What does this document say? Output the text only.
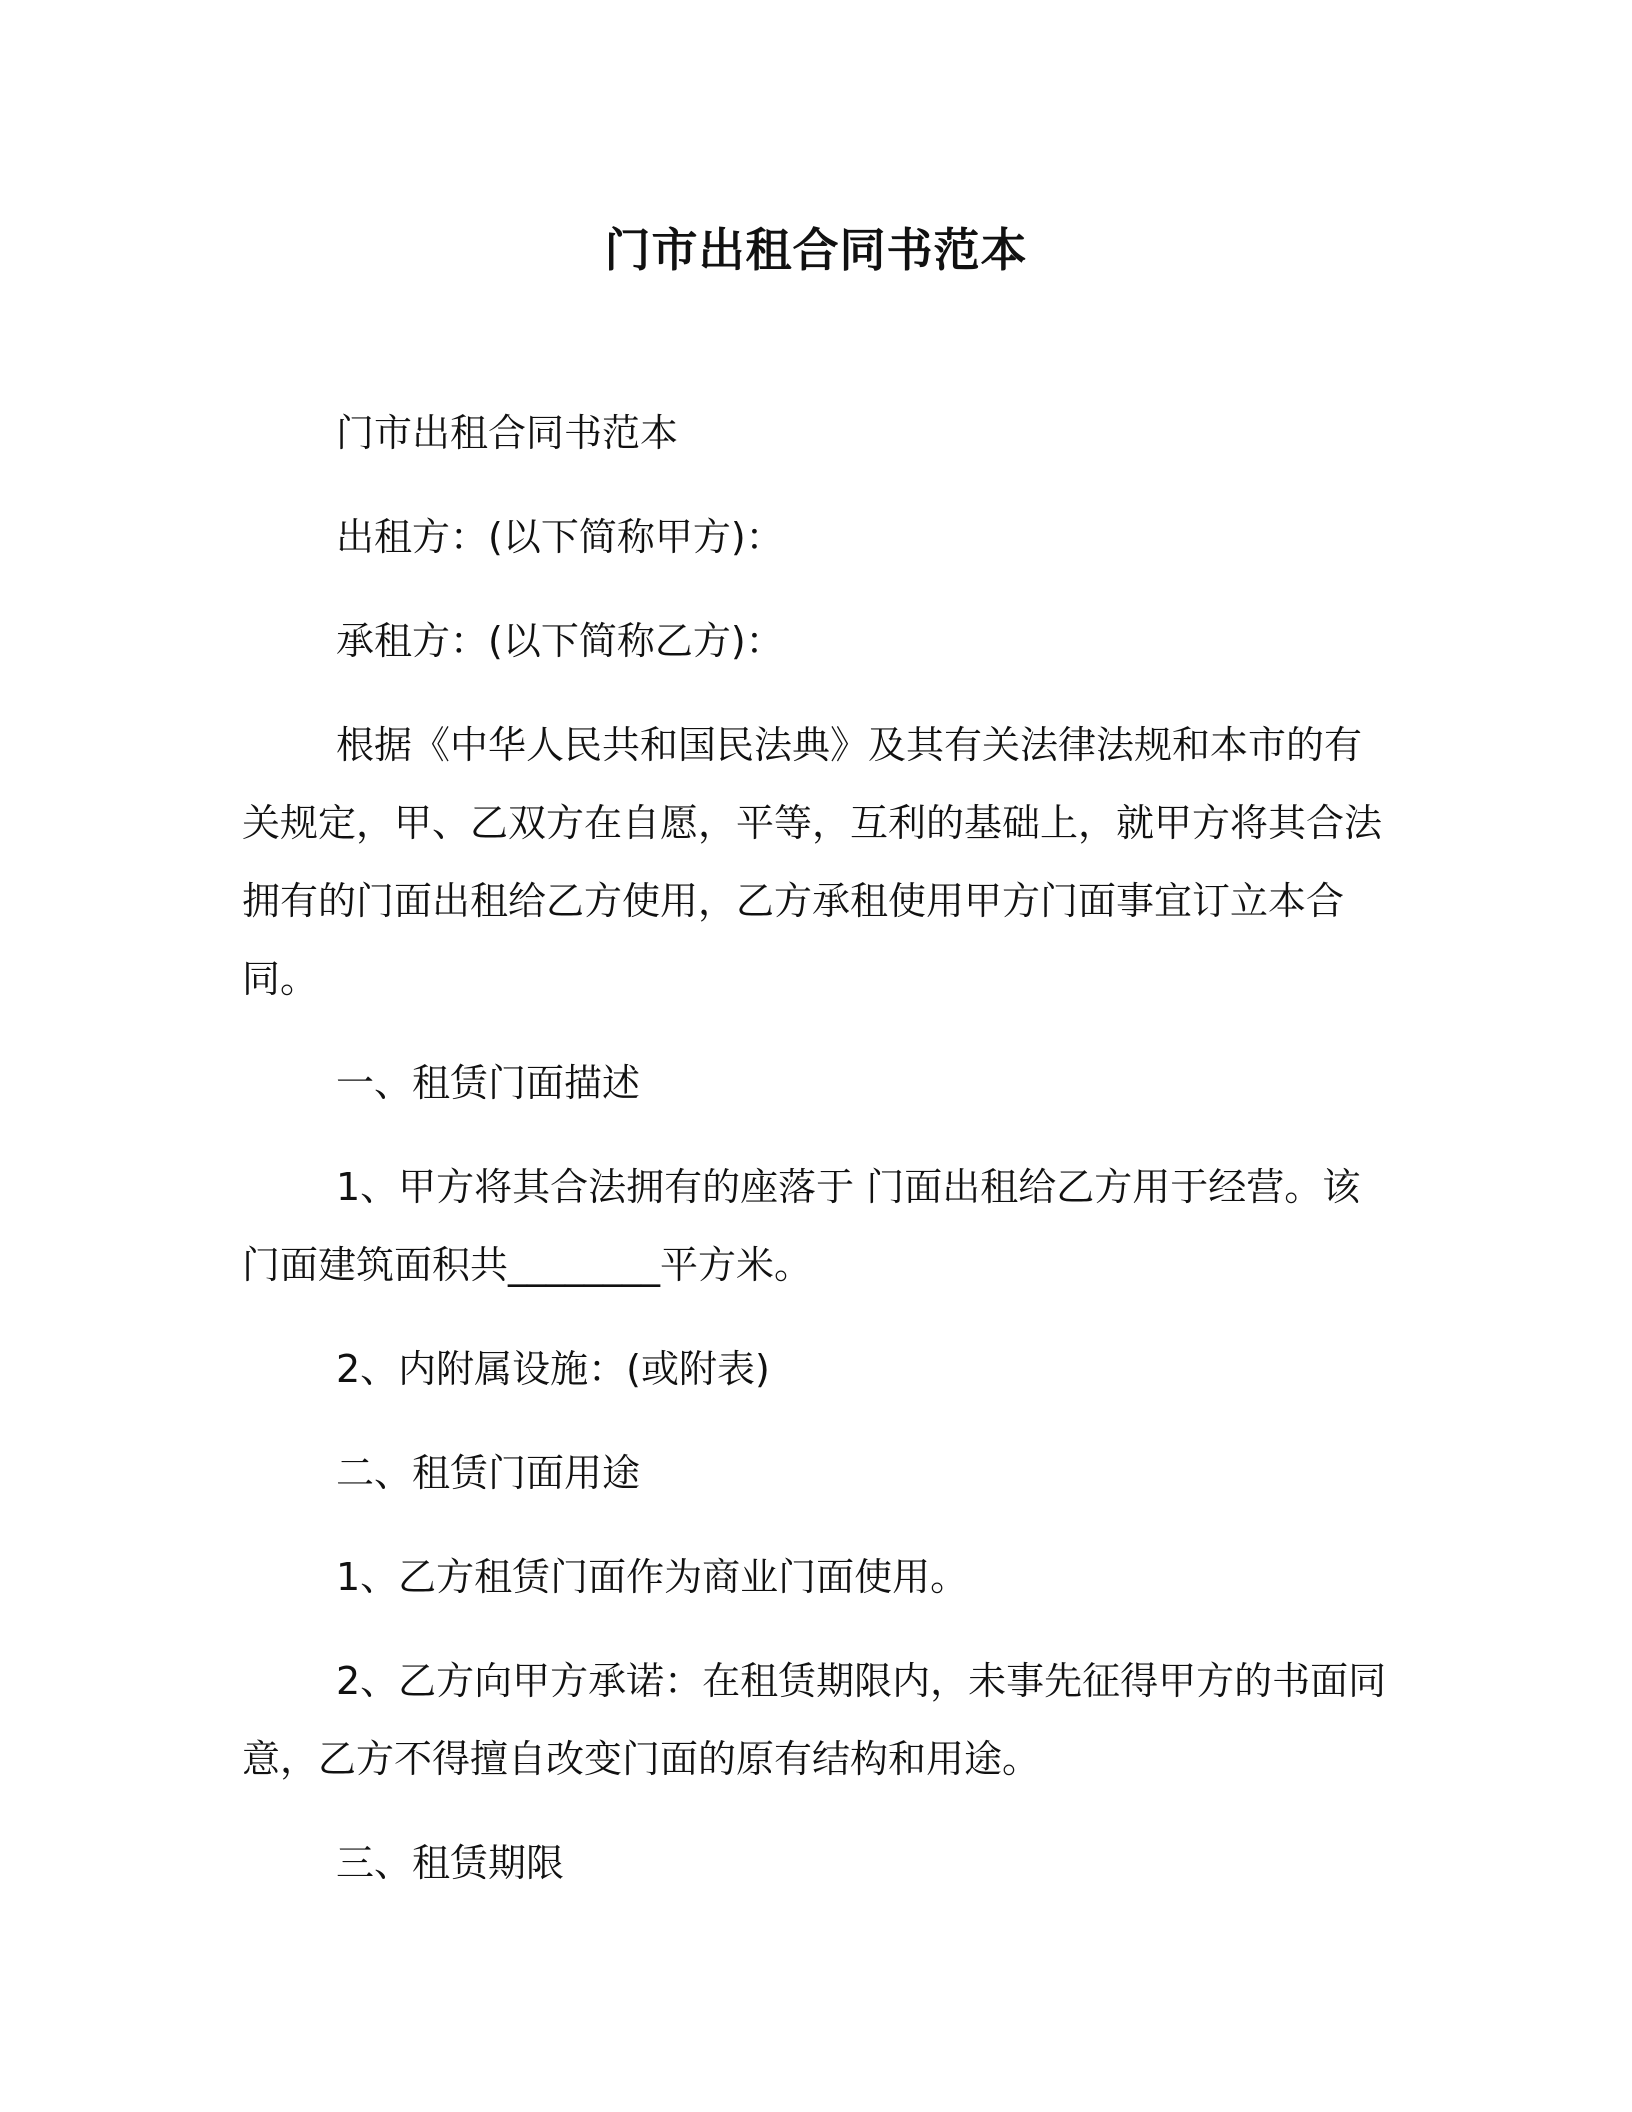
门市出租合同书范本

门市出租合同书范本

出租方：(以下简称甲方)：

承租方：(以下简称乙方)：

根据《中华人民共和国民法典》及其有关法律法规和本市的有关规定，甲、乙双方在自愿，平等，互利的基础上，就甲方将其合法拥有的门面出租给乙方使用，乙方承租使用甲方门面事宜订立本合同。

一、租赁门面描述

1、甲方将其合法拥有的座落于 门面出租给乙方用于经营。该门面建筑面积共________平方米。

2、内附属设施：(或附表)

二、租赁门面用途

1、乙方租赁门面作为商业门面使用。

2、乙方向甲方承诺：在租赁期限内，未事先征得甲方的书面同意，乙方不得擅自改变门面的原有结构和用途。

三、租赁期限
